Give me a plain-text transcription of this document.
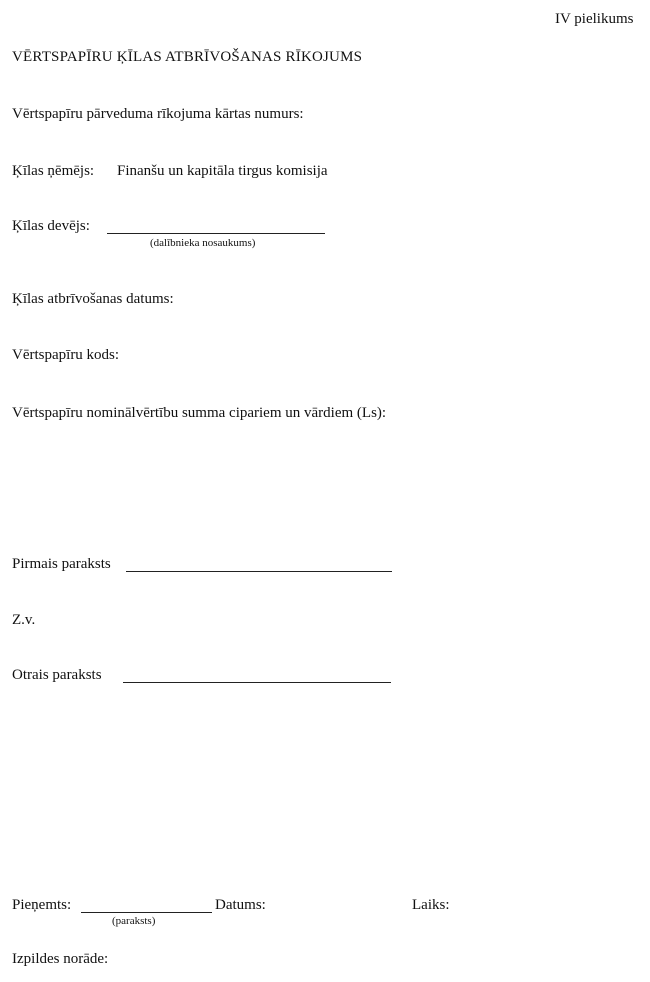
IV pielikums
VĒRTSPAPĪRU ĶĪLAS ATBRĪVOŠANAS RĪKOJUMS
Vērtspapīru pārveduma rīkojuma kārtas numurs:
Ķīlas ņēmējs: Finanšu un kapitāla tirgus komisija
Ķīlas devējs:
(dalībnieka nosaukums)
Ķīlas atbrīvošanas datums:
Vērtspapīru kods:
Vērtspapīru nominālvērtību summa cipariem un vārdiem (Ls):
Pirmais paraksts
Z.v.
Otrais paraksts
Pieņemts:
(paraksts)
Datums:	Laiks:
Izpildes norāde:
